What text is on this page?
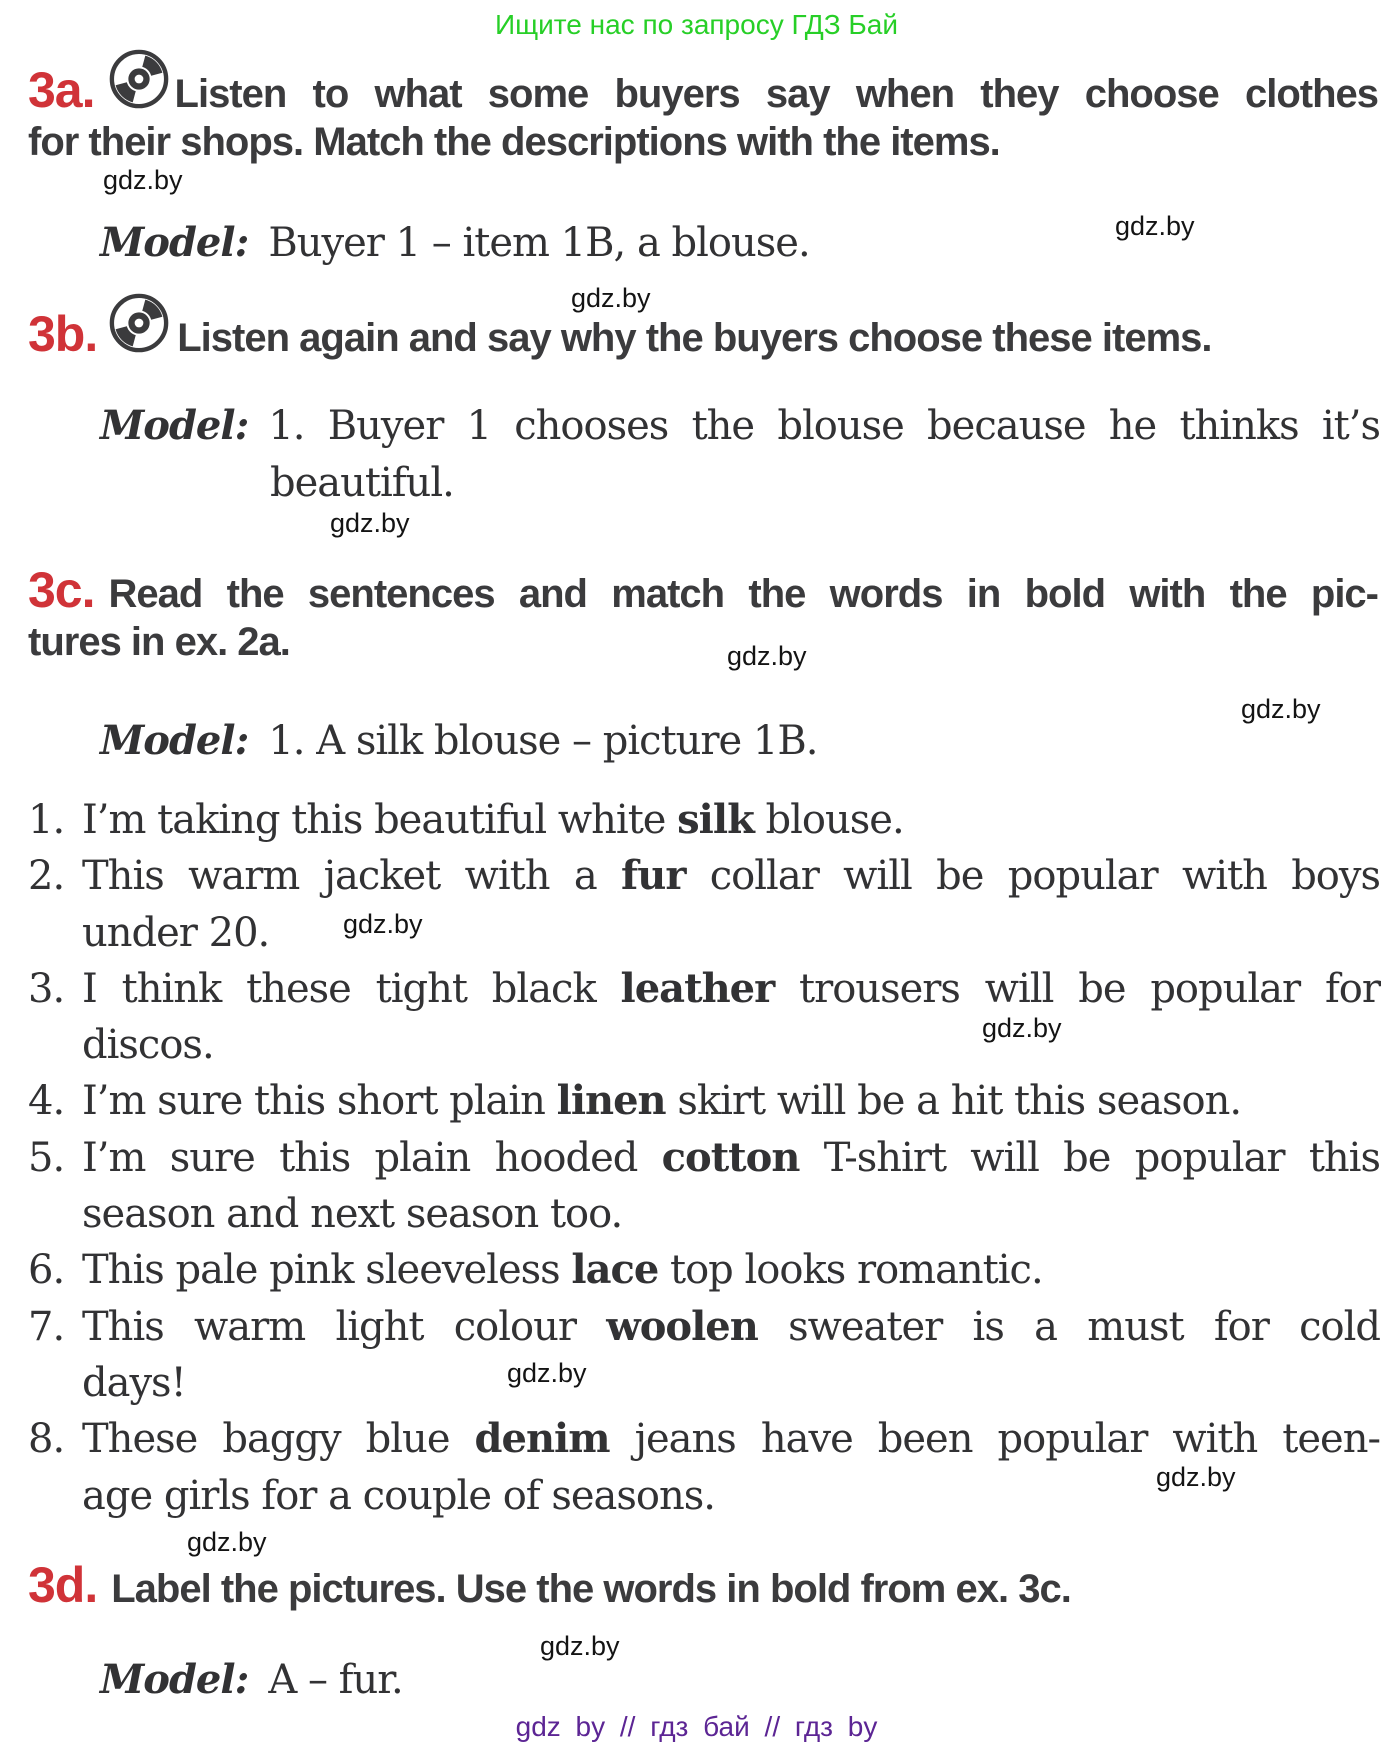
Ищите нас по запросу ГДЗ Бай
3a. Listen to what some buyers say when they choose clothes
for their shops. Match the descriptions with the items.
Model: Buyer 1 – item 1B, a blouse.
3b. Listen again and say why the buyers choose these items.
Model: 1. Buyer 1 chooses the blouse because he thinks it’s
beautiful.
3c. Read the sentences and match the words in bold with the pic-
tures in ex. 2a.
Model: 1. A silk blouse – picture 1B.
1. I’m taking this beautiful white silk blouse.
2. This warm jacket with a fur collar will be popular with boys
under 20.
3. I think these tight black leather trousers will be popular for
discos.
4. I’m sure this short plain linen skirt will be a hit this season.
5. I’m sure this plain hooded cotton T-shirt will be popular this
season and next season too.
6. This pale pink sleeveless lace top looks romantic.
7. This warm light colour woolen sweater is a must for cold
days!
8. These baggy blue denim jeans have been popular with teen-
age girls for a couple of seasons.
3d. Label the pictures. Use the words in bold from ex. 3c.
Model: A – fur.
gdz.by
gdz.by
gdz.by
gdz.by
gdz.by
gdz.by
gdz.by
gdz.by
gdz.by
gdz.by
gdz.by
gdz.by
gdz by // гдз бай // гдз by
